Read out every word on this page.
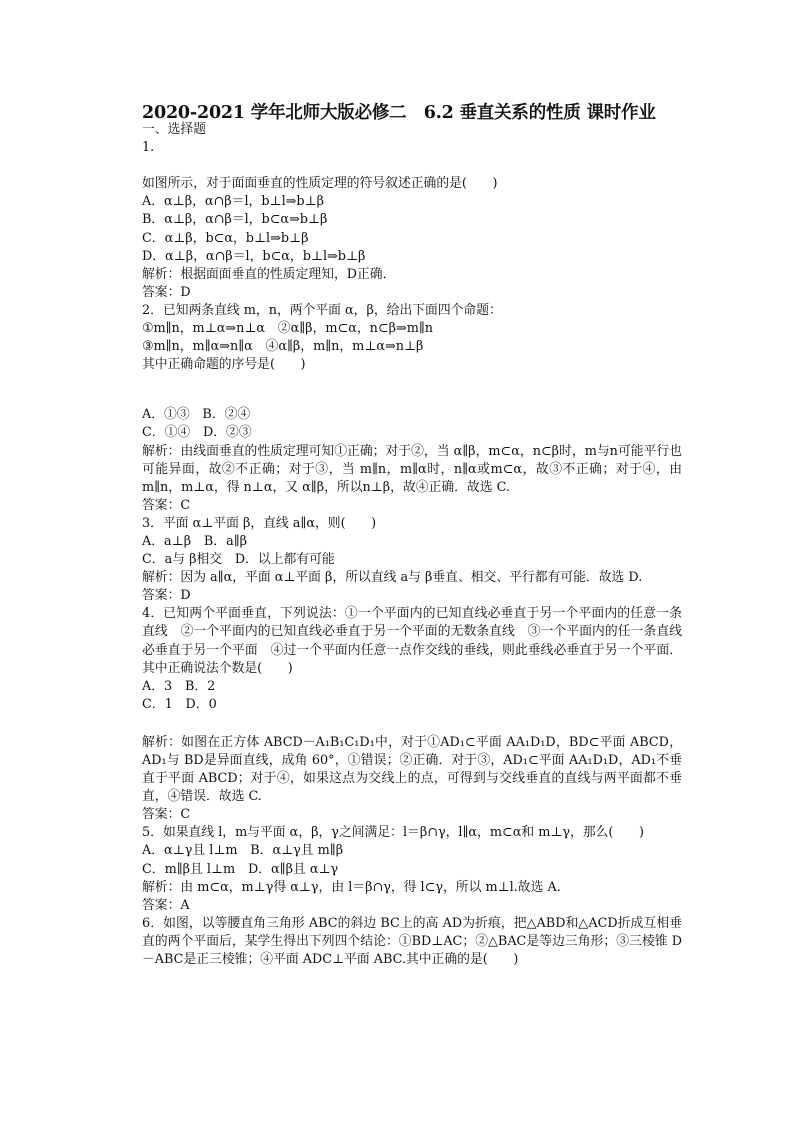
2020-2021 学年北师大版必修二　6.2 垂直关系的性质 课时作业
一、选择题
1.
如图所示，对于面面垂直的性质定理的符号叙述正确的是(　　)
A．α⊥β，α∩β＝l，b⊥l⇒b⊥β
B．α⊥β，α∩β＝l，b⊂α⇒b⊥β
C．α⊥β，b⊂α，b⊥l⇒b⊥β
D．α⊥β，α∩β＝l，b⊂α，b⊥l⇒b⊥β
解析：根据面面垂直的性质定理知，D正确．
答案：D
2．已知两条直线 m，n，两个平面 α，β，给出下面四个命题：
①m∥n，m⊥α⇒n⊥α　②α∥β，m⊂α，n⊂β⇒m∥n
③m∥n，m∥α⇒n∥α　④α∥β，m∥n，m⊥α⇒n⊥β
其中正确命题的序号是(　　)
A．①③　B．②④
C．①④　D．②③
解析：由线面垂直的性质定理可知①正确；对于②，当 α∥β，m⊂α，n⊂β时，m与n可能平行也可能异面，故②不正确；对于③，当 m∥n，m∥α时，n∥α或m⊂α，故③不正确；对于④，由 m∥n，m⊥α，得 n⊥α，又 α∥β，所以n⊥β，故④正确．故选 C.
答案：C
3．平面 α⊥平面 β，直线 a∥α，则(　　)
A．a⊥β　B．a∥β
C．a与 β相交　D．以上都有可能
解析：因为 a∥α，平面 α⊥平面 β，所以直线 a与 β垂直、相交、平行都有可能．故选 D.
答案：D
4．已知两个平面垂直，下列说法：①一个平面内的已知直线必垂直于另一个平面内的任意一条直线　②一个平面内的已知直线必垂直于另一个平面的无数条直线　③一个平面内的任一条直线必垂直于另一个平面　④过一个平面内任意一点作交线的垂线，则此垂线必垂直于另一个平面．其中正确说法个数是(　　)
A．3　B．2
C．1　D．0
解析：如图在正方体 ABCD－A₁B₁C₁D₁中，对于①AD₁⊂平面 AA₁D₁D，BD⊂平面 ABCD，AD₁与 BD是异面直线，成角 60°，①错误；②正确．对于③，AD₁⊂平面 AA₁D₁D，AD₁不垂直于平面 ABCD；对于④，如果这点为交线上的点，可得到与交线垂直的直线与两平面都不垂直，④错误．故选 C.
答案：C
5．如果直线 l，m与平面 α，β，γ之间满足：l＝β∩γ，l∥α，m⊂α和 m⊥γ，那么(　　)
A．α⊥γ且 l⊥m　B．α⊥γ且 m∥β
C．m∥β且 l⊥m　D．α∥β且 α⊥γ
解析：由 m⊂α，m⊥γ得 α⊥γ，由 l＝β∩γ，得 l⊂γ，所以 m⊥l.故选 A.
答案：A
6．如图，以等腰直角三角形 ABC的斜边 BC上的高 AD为折痕，把△ABD和△ACD折成互相垂直的两个平面后，某学生得出下列四个结论：①BD⊥AC；②△BAC是等边三角形；③三棱锥 D－ABC是正三棱锥；④平面 ADC⊥平面 ABC.其中正确的是(　　)
